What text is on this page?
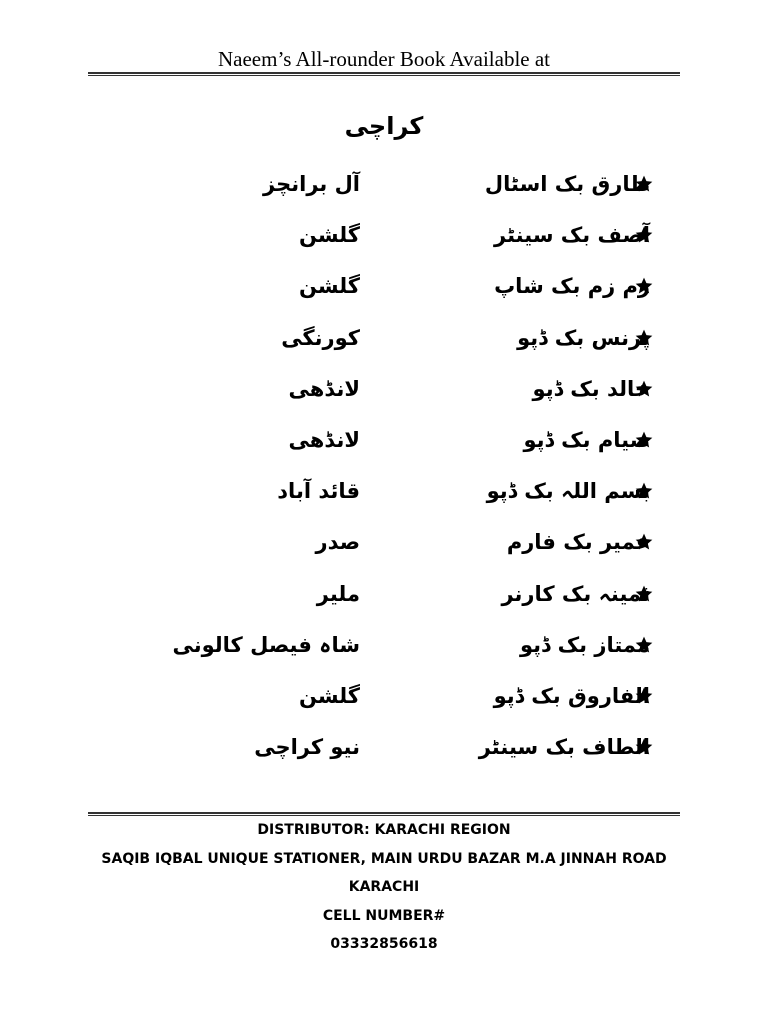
Naeem’s All-rounder Book Available at
کراچی
طارق بک اسٹال
آل برانچز
آصف بک سینٹر
گلشن
زم زم بک شاپ
گلشن
پرنس بک ڈپو
کورنگی
خالد بک ڈپو
لانڈھی
صیام بک ڈپو
لانڈھی
بسم اللہ بک ڈپو
قائد آباد
عمیر بک فارم
صدر
ثمینہ بک کارنر
ملیر
ممتاز بک ڈپو
شاہ فیصل کالونی
الفاروق بک ڈپو
گلشن
الطاف بک سینٹر
نیو کراچی
DISTRIBUTOR: KARACHI REGION
SAQIB IQBAL UNIQUE STATIONER, MAIN URDU BAZAR M.A JINNAH ROAD
KARACHI
CELL NUMBER#
03332856618
